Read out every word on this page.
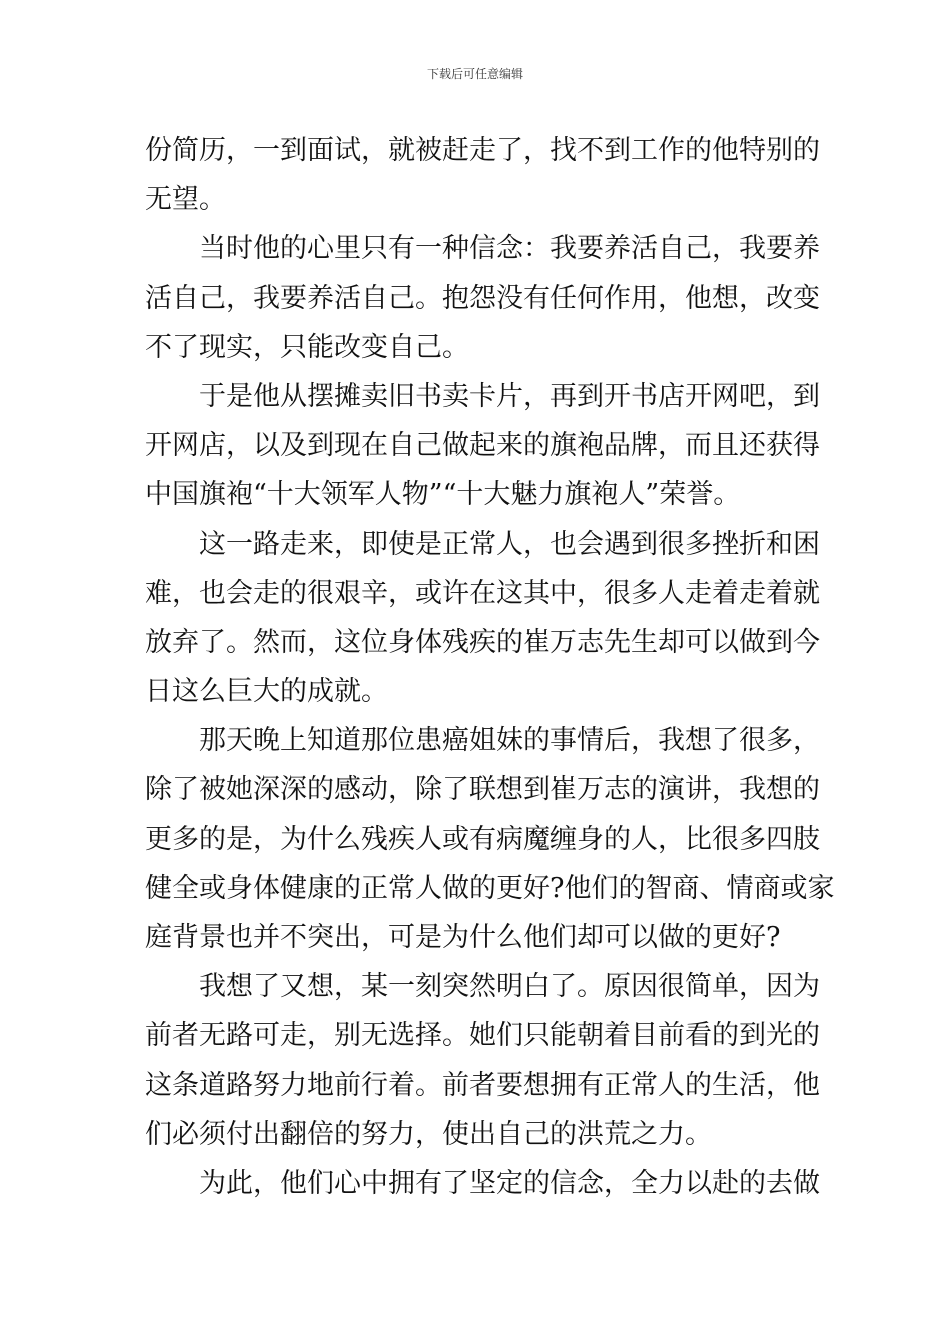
下载后可任意编辑
份简历，一到面试，就被赶走了，找不到工作的他特别的
无望。
当时他的心里只有一种信念：我要养活自己，我要养
活自己，我要养活自己。抱怨没有任何作用，他想，改变
不了现实，只能改变自己。
于是他从摆摊卖旧书卖卡片，再到开书店开网吧，到
开网店，以及到现在自己做起来的旗袍品牌，而且还获得
中国旗袍“十大领军人物”“十大魅力旗袍人”荣誉。
这一路走来，即使是正常人，也会遇到很多挫折和困
难，也会走的很艰辛，或许在这其中，很多人走着走着就
放弃了。然而，这位身体残疾的崔万志先生却可以做到今
日这么巨大的成就。
那天晚上知道那位患癌姐妹的事情后，我想了很多，
除了被她深深的感动，除了联想到崔万志的演讲，我想的
更多的是，为什么残疾人或有病魔缠身的人，比很多四肢
健全或身体健康的正常人做的更好?他们的智商、情商或家
庭背景也并不突出，可是为什么他们却可以做的更好?
我想了又想，某一刻突然明白了。原因很简单，因为
前者无路可走，别无选择。她们只能朝着目前看的到光的
这条道路努力地前行着。前者要想拥有正常人的生活，他
们必须付出翻倍的努力，使出自己的洪荒之力。
为此，他们心中拥有了坚定的信念，全力以赴的去做
